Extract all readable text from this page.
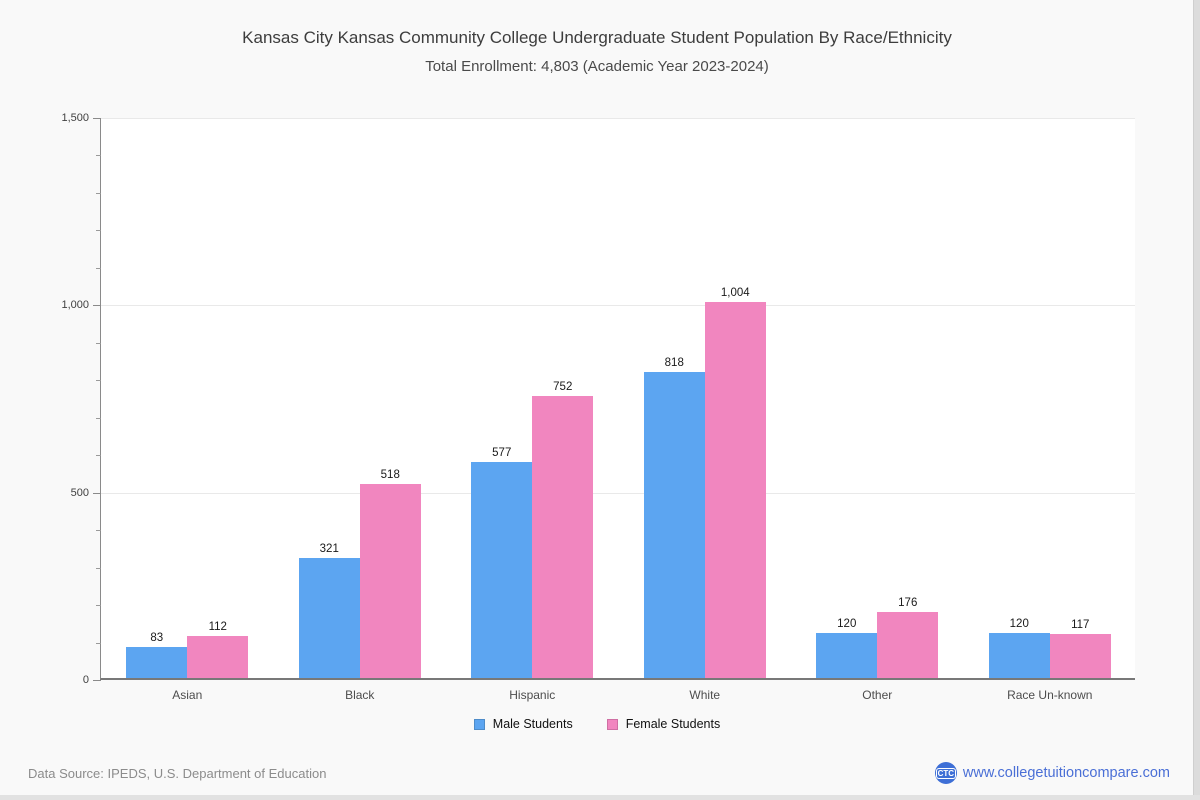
Kansas City Kansas Community College Undergraduate Student Population By Race/Ethnicity
Total Enrollment: 4,803 (Academic Year 2023-2024)
0
500
1,000
1,500
83
112
Asian
321
518
Black
577
752
Hispanic
818
1,004
White
120
176
Other
120	117
Race Un-known
Male Students	Female Students
Data Source: IPEDS, U.S. Department of Education	CTC www.collegetuitioncompare.com
